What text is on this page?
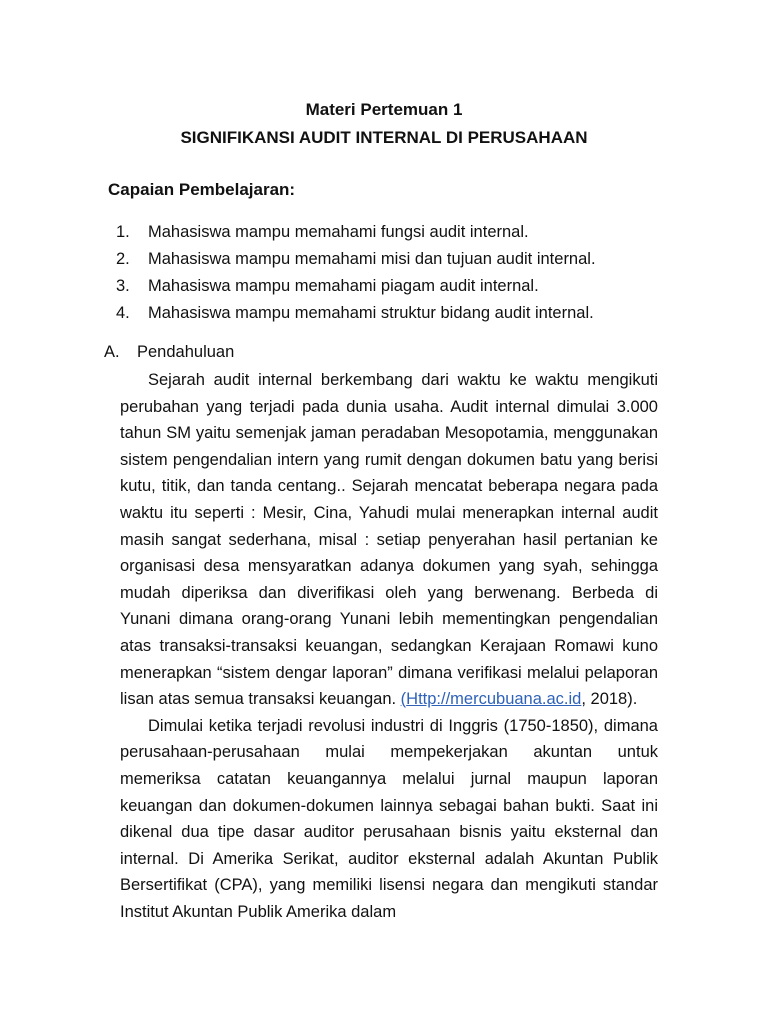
Materi Pertemuan 1

SIGNIFIKANSI AUDIT INTERNAL DI PERUSAHAAN

Capaian Pembelajaran:

1. Mahasiswa mampu memahami fungsi audit internal.
2. Mahasiswa mampu memahami misi dan tujuan audit internal.
3. Mahasiswa mampu memahami piagam audit internal.
4. Mahasiswa mampu memahami struktur bidang audit internal.

A. Pendahuluan

Sejarah audit internal berkembang dari waktu ke waktu mengikuti perubahan yang terjadi pada dunia usaha. Audit internal dimulai 3.000 tahun SM yaitu semenjak jaman peradaban Mesopotamia, menggunakan sistem pengendalian intern yang rumit dengan dokumen batu yang berisi kutu, titik, dan tanda centang.. Sejarah mencatat beberapa negara pada waktu itu seperti : Mesir, Cina, Yahudi mulai menerapkan internal audit masih sangat sederhana, misal : setiap penyerahan hasil pertanian ke organisasi desa mensyaratkan adanya dokumen yang syah, sehingga mudah diperiksa dan diverifikasi oleh yang berwenang. Berbeda di Yunani dimana orang-orang Yunani lebih mementingkan pengendalian atas transaksi-transaksi keuangan, sedangkan Kerajaan Romawi kuno menerapkan “sistem dengar laporan” dimana verifikasi melalui pelaporan lisan atas semua transaksi keuangan. (Http://mercubuana.ac.id, 2018).

Dimulai ketika terjadi revolusi industri di Inggris (1750-1850), dimana perusahaan-perusahaan mulai mempekerjakan akuntan untuk memeriksa catatan keuangannya melalui jurnal maupun laporan keuangan dan dokumen-dokumen lainnya sebagai bahan bukti. Saat ini dikenal dua tipe dasar auditor perusahaan bisnis yaitu eksternal dan internal. Di Amerika Serikat, auditor eksternal adalah Akuntan Publik Bersertifikat (CPA), yang memiliki lisensi negara dan mengikuti standar Institut Akuntan Publik Amerika dalam
